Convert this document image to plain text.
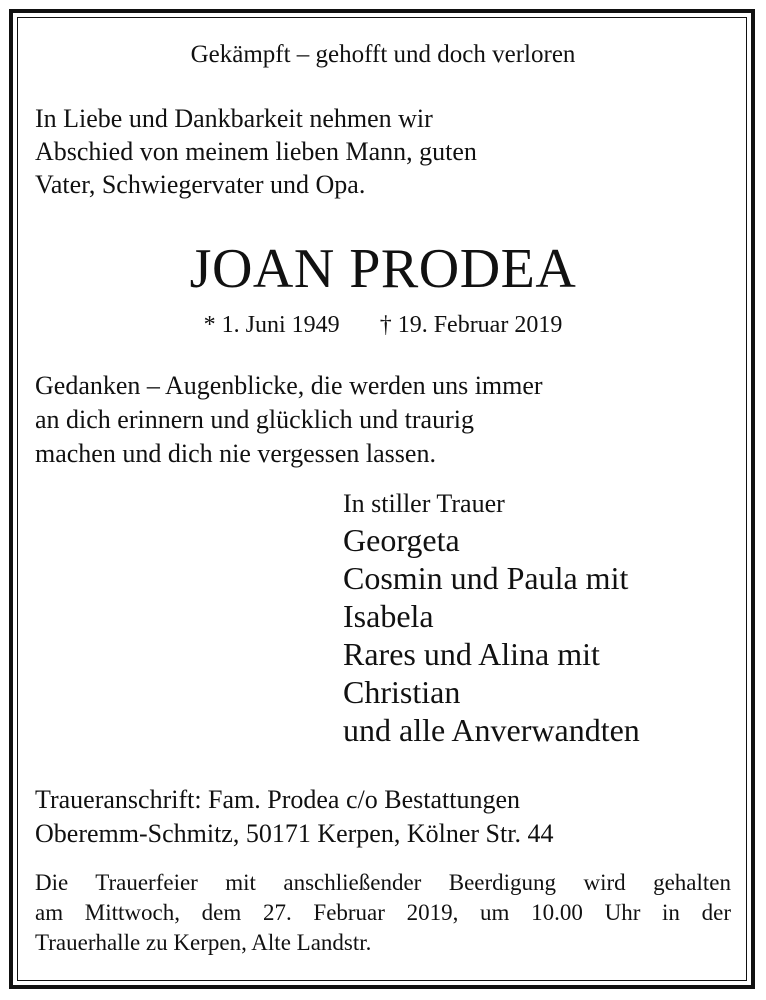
Gekämpft – gehofft und doch verloren

In Liebe und Dankbarkeit nehmen wir
Abschied von meinem lieben Mann, guten
Vater, Schwiegervater und Opa.

JOAN PRODEA

* 1. Juni 1949 † 19. Februar 2019

Gedanken – Augenblicke, die werden uns immer
an dich erinnern und glücklich und traurig
machen und dich nie vergessen lassen.

In stiller Trauer
Georgeta
Cosmin und Paula mit
Isabela
Rares und Alina mit
Christian
und alle Anverwandten

Traueranschrift: Fam. Prodea c/o Bestattungen
Oberemm-Schmitz, 50171 Kerpen, Kölner Str. 44

Die Trauerfeier mit anschließender Beerdigung wird gehalten
am Mittwoch, dem 27. Februar 2019, um 10.00 Uhr in der
Trauerhalle zu Kerpen, Alte Landstr.
